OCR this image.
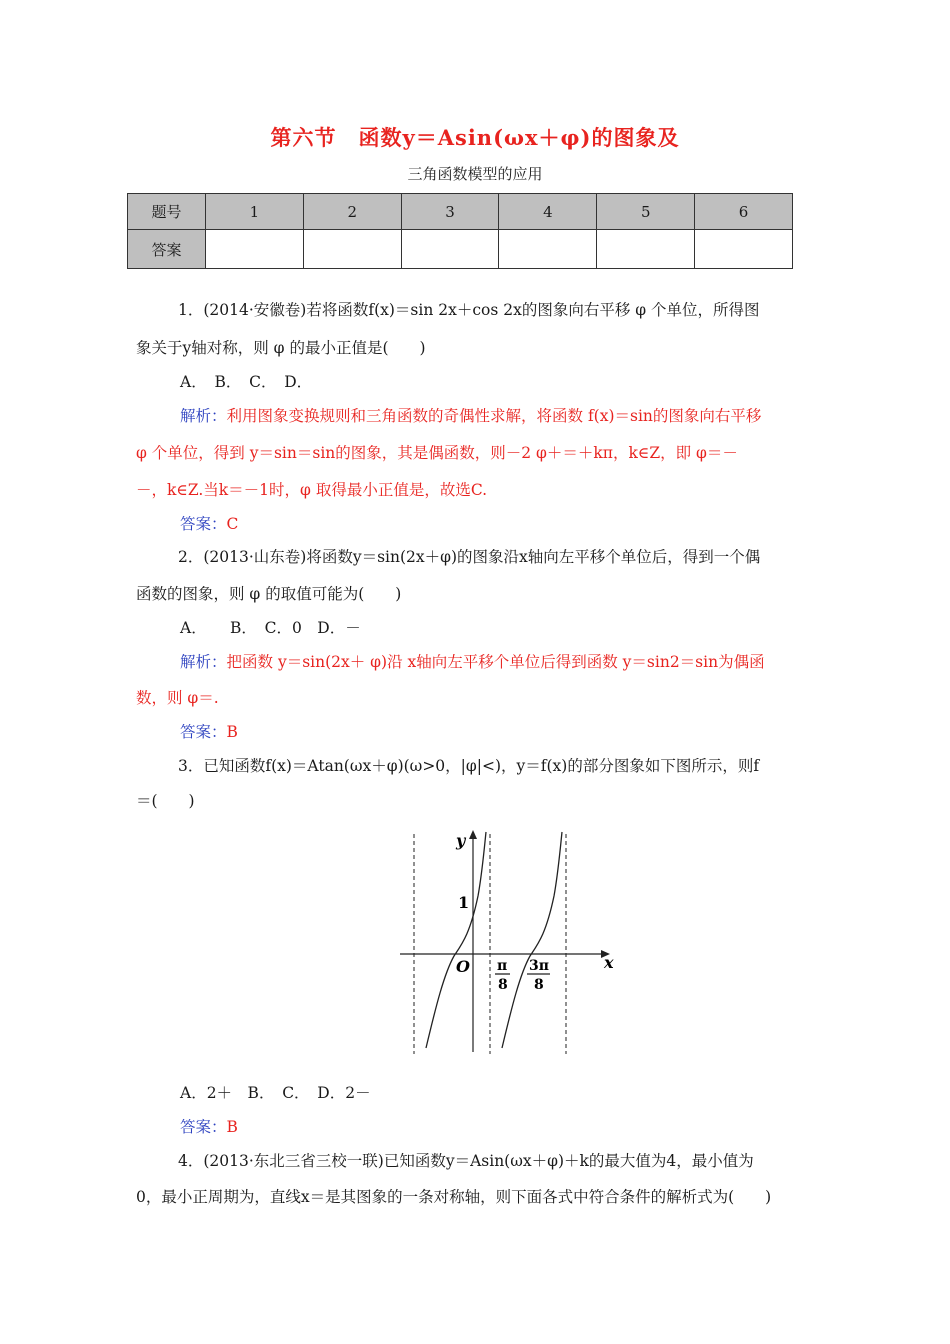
第六节　函数y＝Asin(ωx＋φ)的图象及
三角函数模型的应用
题号	1	2	3	4	5	6
答案						
1．(2014·安徽卷)若将函数f(x)＝sin 2x＋cos 2x的图象向右平移 φ 个单位，所得图
象关于y轴对称，则 φ 的最小正值是(　　)
A．　B．　C．　D．
解析：利用图象变换规则和三角函数的奇偶性求解，将函数 f(x)＝sin的图象向右平移
φ 个单位，得到 y＝sin＝sin的图象，其是偶函数，则－2 φ＋＝＋kπ，k∈Z，即 φ＝－
－，k∈Z.当k＝－1时，φ 取得最小正值是，故选C.
答案：C
2．(2013·山东卷)将函数y＝sin(2x＋φ)的图象沿x轴向左平移个单位后，得到一个偶
函数的图象，则 φ 的取值可能为(　　)
A．　　B．　C．0　D．－
解析：把函数 y＝sin(2x＋ φ)沿 x轴向左平移个单位后得到函数 y＝sin2＝sin为偶函
数，则 φ＝.
答案：B
3．已知函数f(x)＝Atan(ωx＋φ)(ω>0，|φ|<)，y＝f(x)的部分图象如下图所示，则f
＝(　　)
y
x
O
1
π
8
3π
8
A．2＋　B．　C．　D．2－
答案：B
4．(2013·东北三省三校一联)已知函数y＝Asin(ωx＋φ)＋k的最大值为4，最小值为
0，最小正周期为，直线x＝是其图象的一条对称轴，则下面各式中符合条件的解析式为(　　)
